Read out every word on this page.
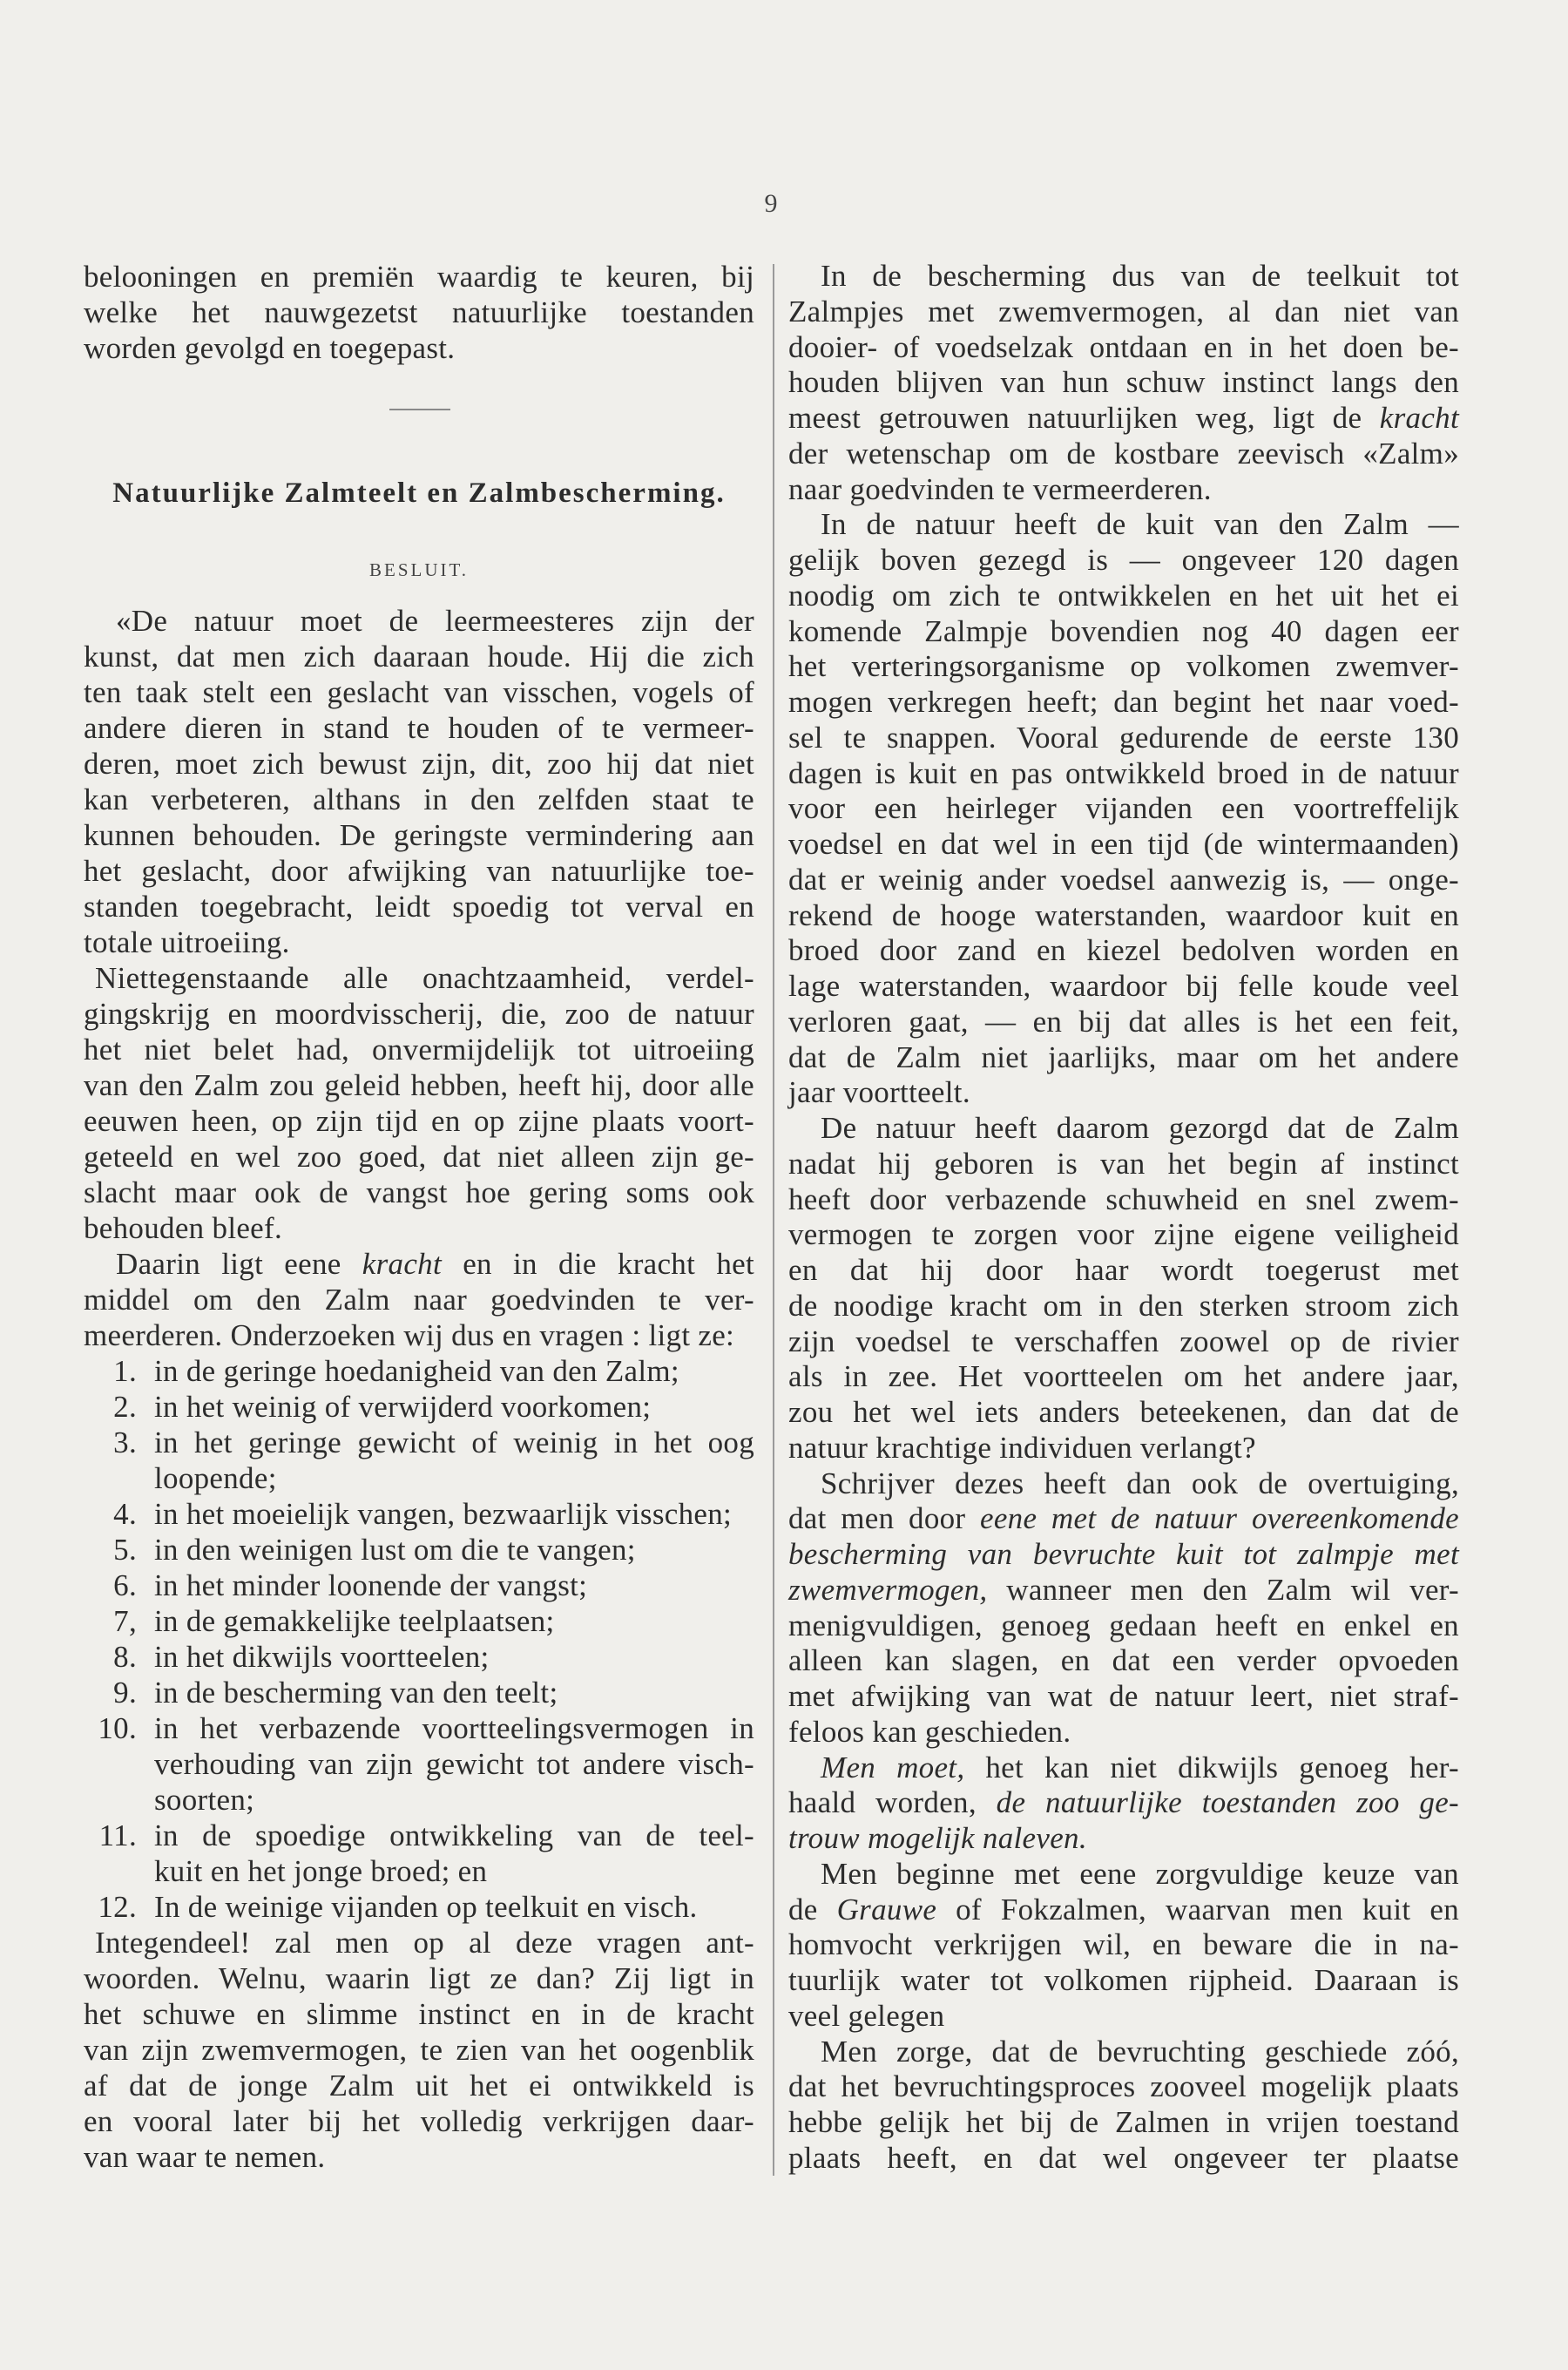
9
belooningen en premiën waardig te keuren, bij
welke het nauwgezetst natuurlijke toestanden
worden gevolgd en toegepast.
Natuurlijke Zalmteelt en Zalmbescherming.
BESLUIT.
«De natuur moet de leermeesteres zijn der
kunst, dat men zich daaraan houde. Hij die zich
ten taak stelt een geslacht van visschen, vogels of
andere dieren in stand te houden of te vermeer-
deren, moet zich bewust zijn, dit, zoo hij dat niet
kan verbeteren, althans in den zelfden staat te
kunnen behouden. De geringste vermindering aan
het geslacht, door afwijking van natuurlijke toe-
standen toegebracht, leidt spoedig tot verval en
totale uitroeiing.
Niettegenstaande alle onachtzaamheid, verdel-
gingskrijg en moordvisscherij, die, zoo de natuur
het niet belet had, onvermijdelijk tot uitroeiing
van den Zalm zou geleid hebben, heeft hij, door alle
eeuwen heen, op zijn tijd en op zijne plaats voort-
geteeld en wel zoo goed, dat niet alleen zijn ge-
slacht maar ook de vangst hoe gering soms ook
behouden bleef.
Daarin ligt eene kracht en in die kracht het
middel om den Zalm naar goedvinden te ver-
meerderen. Onderzoeken wij dus en vragen : ligt ze:
1. in de geringe hoedanigheid van den Zalm;
2. in het weinig of verwijderd voorkomen;
3. in het geringe gewicht of weinig in het oog
loopende;
4. in het moeielijk vangen, bezwaarlijk visschen;
5. in den weinigen lust om die te vangen;
6. in het minder loonende der vangst;
7, in de gemakkelijke teelplaatsen;
8. in het dikwijls voortteelen;
9. in de bescherming van den teelt;
10. in het verbazende voortteelingsvermogen in
verhouding van zijn gewicht tot andere visch-
soorten;
11. in de spoedige ontwikkeling van de teel-
kuit en het jonge broed; en
12. In de weinige vijanden op teelkuit en visch.
Integendeel! zal men op al deze vragen ant-
woorden. Welnu, waarin ligt ze dan? Zij ligt in
het schuwe en slimme instinct en in de kracht
van zijn zwemvermogen, te zien van het oogenblik
af dat de jonge Zalm uit het ei ontwikkeld is
en vooral later bij het volledig verkrijgen daar-
van waar te nemen.
In de bescherming dus van de teelkuit tot
Zalmpjes met zwemvermogen, al dan niet van
dooier- of voedselzak ontdaan en in het doen be-
houden blijven van hun schuw instinct langs den
meest getrouwen natuurlijken weg, ligt de kracht
der wetenschap om de kostbare zeevisch «Zalm»
naar goedvinden te vermeerderen.
In de natuur heeft de kuit van den Zalm —
gelijk boven gezegd is — ongeveer 120 dagen
noodig om zich te ontwikkelen en het uit het ei
komende Zalmpje bovendien nog 40 dagen eer
het verteringsorganisme op volkomen zwemver-
mogen verkregen heeft; dan begint het naar voed-
sel te snappen. Vooral gedurende de eerste 130
dagen is kuit en pas ontwikkeld broed in de natuur
voor een heirleger vijanden een voortreffelijk
voedsel en dat wel in een tijd (de wintermaanden)
dat er weinig ander voedsel aanwezig is, — onge-
rekend de hooge waterstanden, waardoor kuit en
broed door zand en kiezel bedolven worden en
lage waterstanden, waardoor bij felle koude veel
verloren gaat, — en bij dat alles is het een feit,
dat de Zalm niet jaarlijks, maar om het andere
jaar voortteelt.
De natuur heeft daarom gezorgd dat de Zalm
nadat hij geboren is van het begin af instinct
heeft door verbazende schuwheid en snel zwem-
vermogen te zorgen voor zijne eigene veiligheid
en dat hij door haar wordt toegerust met
de noodige kracht om in den sterken stroom zich
zijn voedsel te verschaffen zoowel op de rivier
als in zee. Het voortteelen om het andere jaar,
zou het wel iets anders beteekenen, dan dat de
natuur krachtige individuen verlangt?
Schrijver dezes heeft dan ook de overtuiging,
dat men door eene met de natuur overeenkomende
bescherming van bevruchte kuit tot zalmpje met
zwemvermogen, wanneer men den Zalm wil ver-
menigvuldigen, genoeg gedaan heeft en enkel en
alleen kan slagen, en dat een verder opvoeden
met afwijking van wat de natuur leert, niet straf-
feloos kan geschieden.
Men moet, het kan niet dikwijls genoeg her-
haald worden, de natuurlijke toestanden zoo ge-
trouw mogelijk naleven.
Men beginne met eene zorgvuldige keuze van
de Grauwe of Fokzalmen, waarvan men kuit en
homvocht verkrijgen wil, en beware die in na-
tuurlijk water tot volkomen rijpheid. Daaraan is
veel gelegen
Men zorge, dat de bevruchting geschiede zóó,
dat het bevruchtingsproces zooveel mogelijk plaats
hebbe gelijk het bij de Zalmen in vrijen toestand
plaats heeft, en dat wel ongeveer ter plaatse
